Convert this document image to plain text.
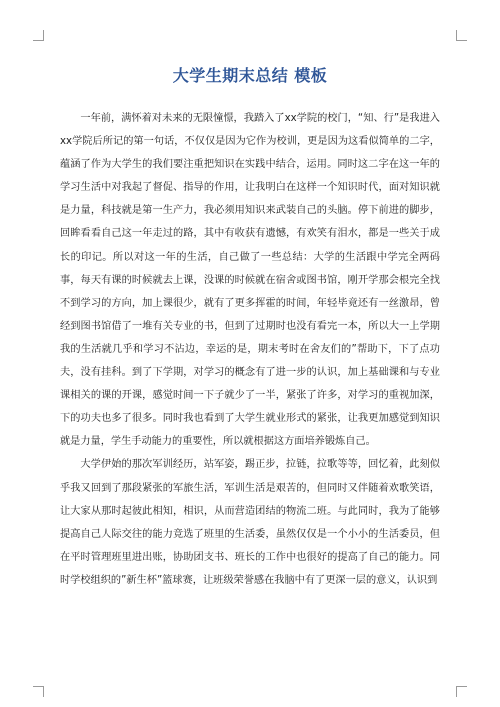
大学生期末总结 模板

一年前，满怀着对未来的无限憧憬，我踏入了xx学院的校门，“知、行”是我进入xx学院后所记的第一句话，不仅仅是因为它作为校训，更是因为这看似简单的二字，蕴涵了作为大学生的我们要注重把知识在实践中结合，运用。同时这二字在这一年的学习生活中对我起了督促、指导的作用，让我明白在这样一个知识时代，面对知识就是力量，科技就是第一生产力，我必须用知识来武装自己的头脑。停下前进的脚步，回眸看看自己这一年走过的路，其中有收获有遗憾，有欢笑有泪水，都是一些关于成长的印记。所以对这一年的生活，自己做了一些总结：大学的生活跟中学完全两码事，每天有课的时候就去上课，没课的时候就在宿舍或图书馆，刚开学那会根完全找不到学习的方向，加上课很少，就有了更多挥霍的时间，年轻毕竟还有一丝激昂，曾经到图书馆借了一堆有关专业的书，但到了过期时也没有看完一本，所以大一上学期我的生活就几乎和学习不沾边，幸运的是，期末考时在舍友们的”帮助下，下了点功夫，没有挂科。到了下学期，对学习的概念有了进一步的认识，加上基础课和与专业课相关的课的开课，感觉时间一下子就少了一半，紧张了许多，对学习的重视加深，下的功夫也多了很多。同时我也看到了大学生就业形式的紧张，让我更加感觉到知识就是力量，学生手动能力的重要性，所以就根据这方面培养锻炼自己。

大学伊始的那次军训经历，站军姿，踢正步，拉链，拉歌等等，回忆着，此刻似乎我又回到了那段紧张的军旅生活，军训生活是艰苦的，但同时又伴随着欢歌笑语，让大家从那时起彼此相知，相识，从而营造团结的物流二班。与此同时，我为了能够提高自己人际交往的能力竞选了班里的生活委，虽然仅仅是一个小小的生活委员，但在平时管理班里进出账，协助团支书、班长的工作中也很好的提高了自己的能力。同时学校组织的”新生杯”篮球赛，让班级荣誉感在我脑中有了更深一层的意义，认识到
